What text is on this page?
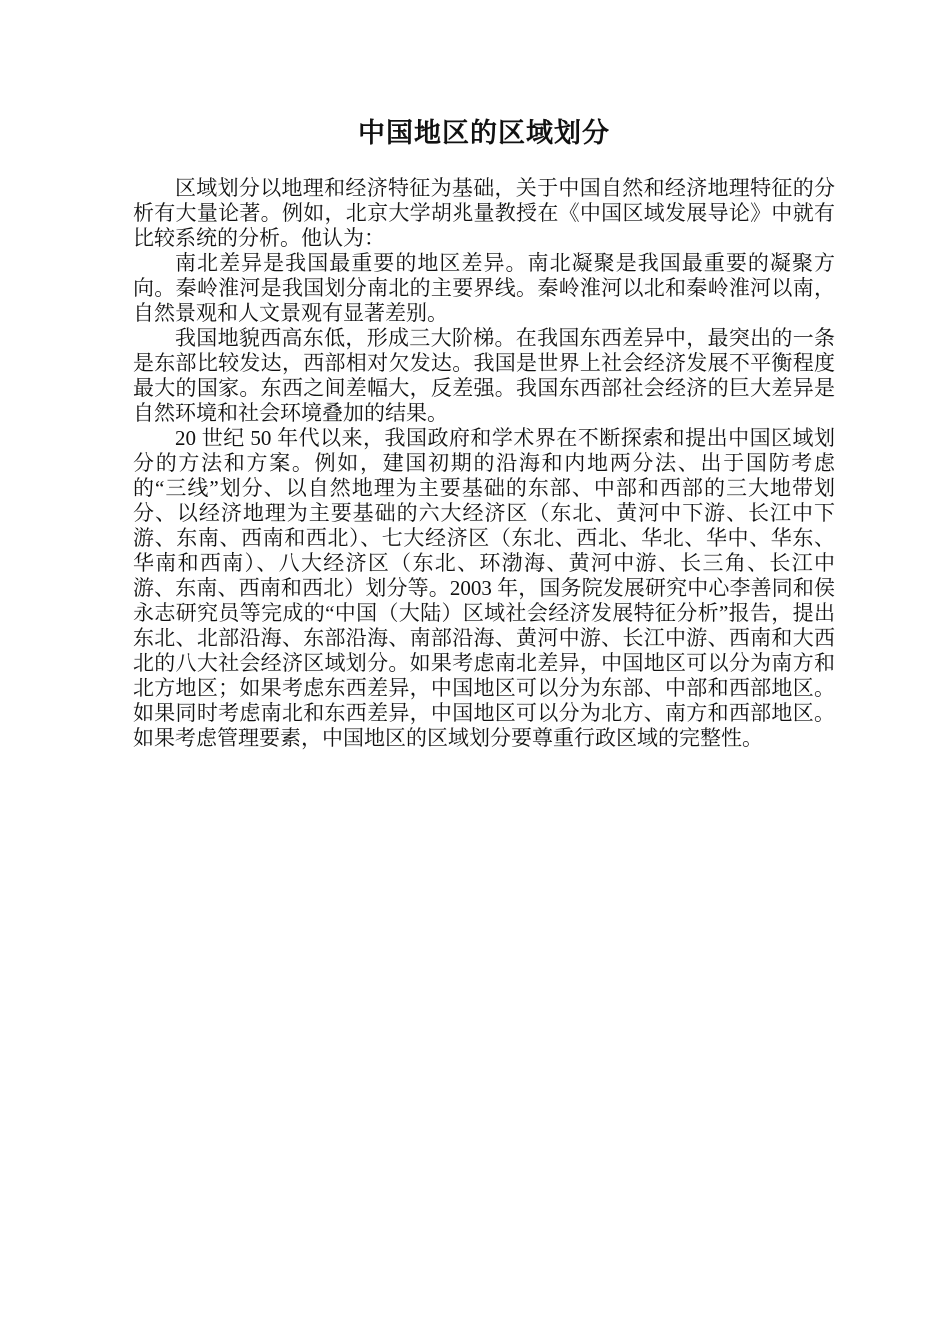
中国地区的区域划分

区域划分以地理和经济特征为基础，关于中国自然和经济地理特征的分析有大量论著。例如，北京大学胡兆量教授在《中国区域发展导论》中就有比较系统的分析。他认为：

南北差异是我国最重要的地区差异。南北凝聚是我国最重要的凝聚方向。秦岭淮河是我国划分南北的主要界线。秦岭淮河以北和秦岭淮河以南，自然景观和人文景观有显著差别。

我国地貌西高东低，形成三大阶梯。在我国东西差异中，最突出的一条是东部比较发达，西部相对欠发达。我国是世界上社会经济发展不平衡程度最大的国家。东西之间差幅大，反差强。我国东西部社会经济的巨大差异是自然环境和社会环境叠加的结果。

20 世纪 50 年代以来，我国政府和学术界在不断探索和提出中国区域划分的方法和方案。例如，建国初期的沿海和内地两分法、出于国防考虑的“三线”划分、以自然地理为主要基础的东部、中部和西部的三大地带划分、以经济地理为主要基础的六大经济区（东北、黄河中下游、长江中下游、东南、西南和西北）、七大经济区（东北、西北、华北、华中、华东、华南和西南）、八大经济区（东北、环渤海、黄河中游、长三角、长江中游、东南、西南和西北）划分等。2003 年，国务院发展研究中心李善同和侯永志研究员等完成的“中国（大陆）区域社会经济发展特征分析”报告，提出东北、北部沿海、东部沿海、南部沿海、黄河中游、长江中游、西南和大西北的八大社会经济区域划分。如果考虑南北差异，中国地区可以分为南方和北方地区；如果考虑东西差异，中国地区可以分为东部、中部和西部地区。如果同时考虑南北和东西差异，中国地区可以分为北方、南方和西部地区。如果考虑管理要素，中国地区的区域划分要尊重行政区域的完整性。
